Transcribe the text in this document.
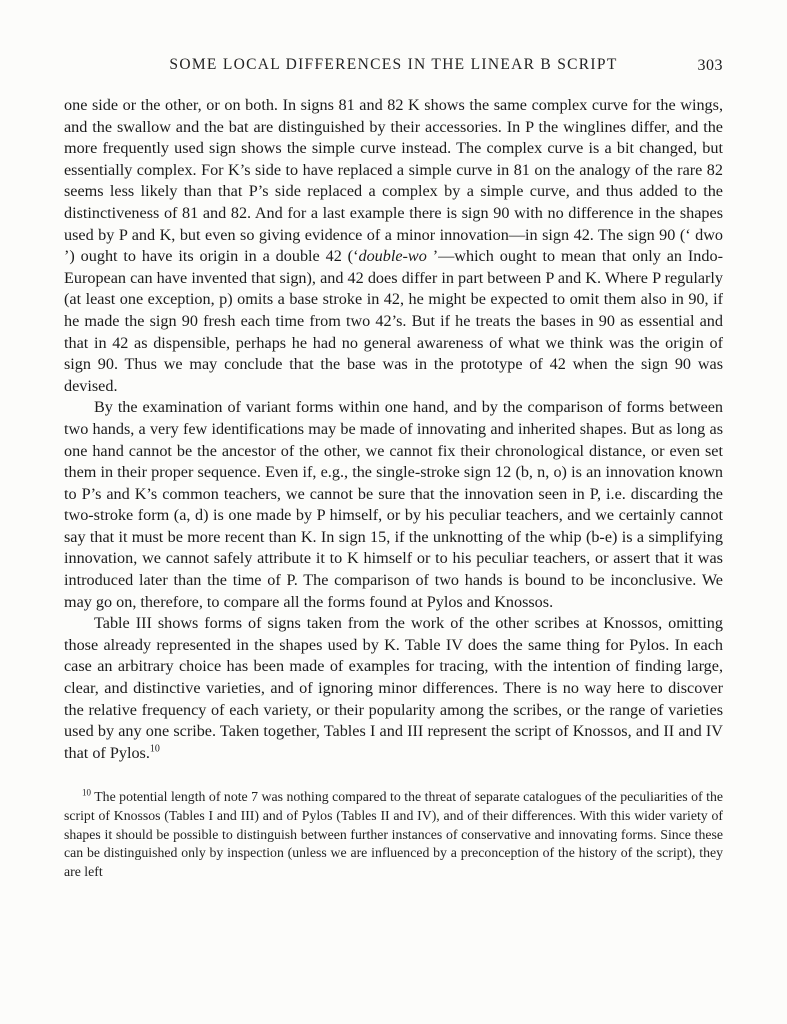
SOME LOCAL DIFFERENCES IN THE LINEAR B SCRIPT	303

one side or the other, or on both. In signs 81 and 82 K shows the same complex curve for the wings, and the swallow and the bat are distinguished by their accessories. In P the winglines differ, and the more frequently used sign shows the simple curve instead. The complex curve is a bit changed, but essentially complex. For K’s side to have replaced a simple curve in 81 on the analogy of the rare 82 seems less likely than that P’s side replaced a complex by a simple curve, and thus added to the distinctiveness of 81 and 82. And for a last example there is sign 90 with no difference in the shapes used by P and K, but even so giving evidence of a minor innovation—in sign 42. The sign 90 (‘ dwo ’) ought to have its origin in a double 42 (‘double-wo ’—which ought to mean that only an Indo-European can have invented that sign), and 42 does differ in part between P and K. Where P regularly (at least one exception, p) omits a base stroke in 42, he might be expected to omit them also in 90, if he made the sign 90 fresh each time from two 42’s. But if he treats the bases in 90 as essential and that in 42 as dispensible, perhaps he had no general awareness of what we think was the origin of sign 90. Thus we may conclude that the base was in the prototype of 42 when the sign 90 was devised.

By the examination of variant forms within one hand, and by the comparison of forms between two hands, a very few identifications may be made of innovating and inherited shapes. But as long as one hand cannot be the ancestor of the other, we cannot fix their chronological distance, or even set them in their proper sequence. Even if, e.g., the single-stroke sign 12 (b, n, o) is an innovation known to P’s and K’s common teachers, we cannot be sure that the innovation seen in P, i.e. discarding the two-stroke form (a, d) is one made by P himself, or by his peculiar teachers, and we certainly cannot say that it must be more recent than K. In sign 15, if the unknotting of the whip (b-e) is a simplifying innovation, we cannot safely attribute it to K himself or to his peculiar teachers, or assert that it was introduced later than the time of P. The comparison of two hands is bound to be inconclusive. We may go on, therefore, to compare all the forms found at Pylos and Knossos.

Table III shows forms of signs taken from the work of the other scribes at Knossos, omitting those already represented in the shapes used by K. Table IV does the same thing for Pylos. In each case an arbitrary choice has been made of examples for tracing, with the intention of finding large, clear, and distinctive varieties, and of ignoring minor differences. There is no way here to discover the relative frequency of each variety, or their popularity among the scribes, or the range of varieties used by any one scribe. Taken together, Tables I and III represent the script of Knossos, and II and IV that of Pylos.$^{10}$

$^{10}$ The potential length of note 7 was nothing compared to the threat of separate catalogues of the peculiarities of the script of Knossos (Tables I and III) and of Pylos (Tables II and IV), and of their differences. With this wider variety of shapes it should be possible to distinguish between further instances of conservative and innovating forms. Since these can be distinguished only by inspection (unless we are influenced by a preconception of the history of the script), they are left
